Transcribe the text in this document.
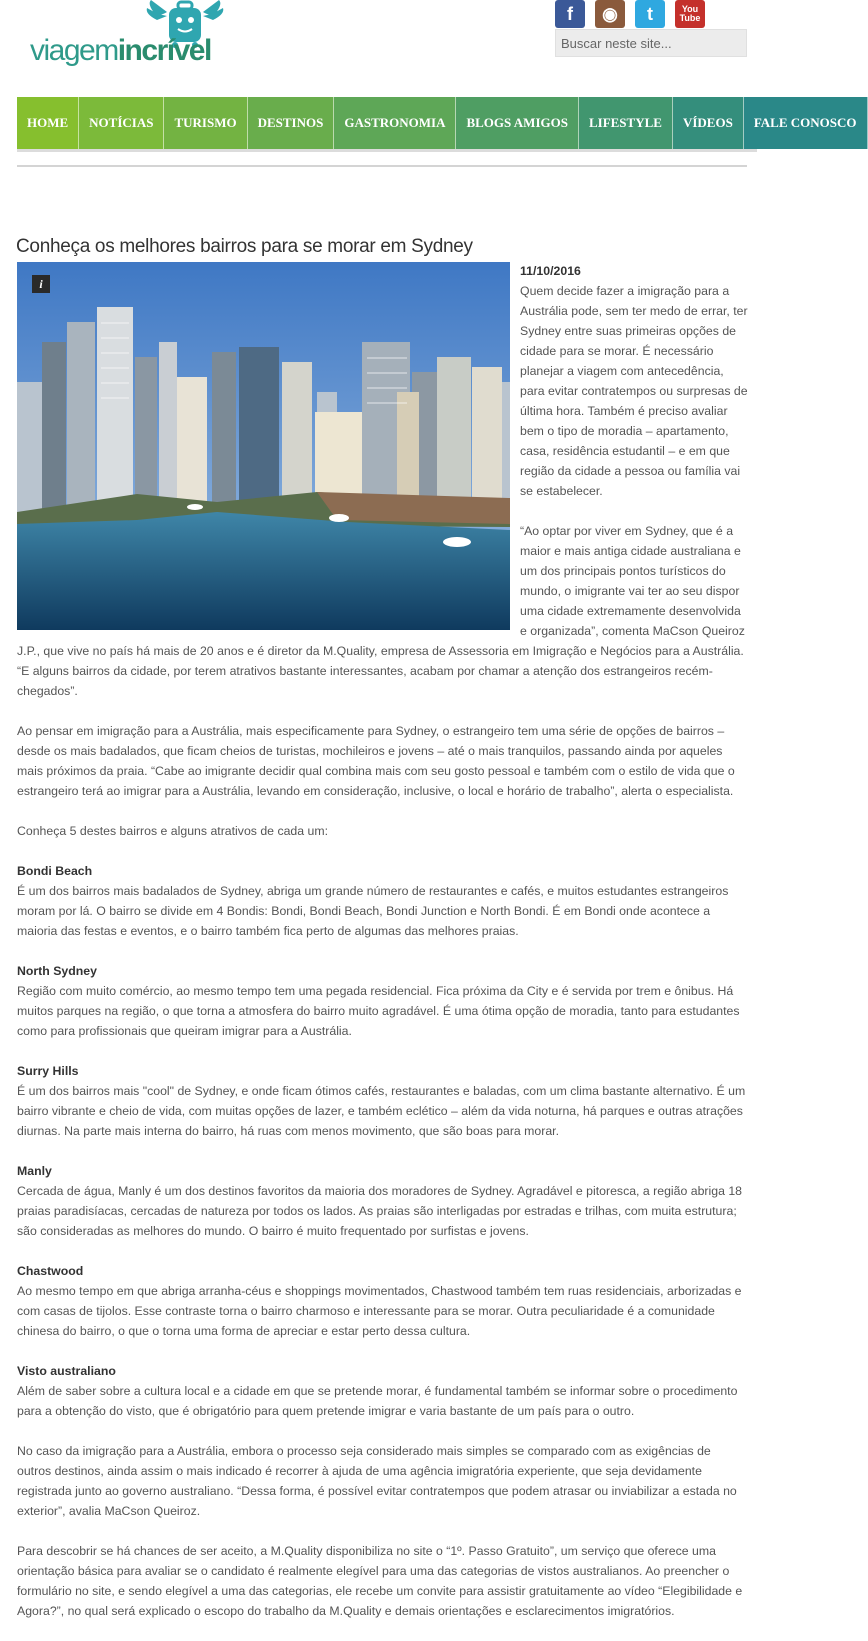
viagemincrível
f	◉	t	You
Tube
Buscar neste site...
HOME	NOTÍCIAS	TURISMO	DESTINOS	GASTRONOMIA	BLOGS AMIGOS	LIFESTYLE	VÍDEOS	FALE CONOSCO
Conheça os melhores bairros para se morar em Sydney
i
11/10/2016

Quem decide fazer a imigração para a Austrália pode, sem ter medo de errar, ter Sydney entre suas primeiras opções de cidade para se morar. É necessário planejar a viagem com antecedência, para evitar contratempos ou surpresas de última hora. Também é preciso avaliar bem o tipo de moradia – apartamento, casa, residência estudantil – e em que região da cidade a pessoa ou família vai se estabelecer.

“Ao optar por viver em Sydney, que é a maior e mais antiga cidade australiana e um dos principais pontos turísticos do mundo, o imigrante vai ter ao seu dispor uma cidade extremamente desenvolvida e organizada”, comenta MaCson Queiroz J.P., que vive no país há mais de 20 anos e é diretor da M.Quality, empresa de Assessoria em Imigração e Negócios para a Austrália. “E alguns bairros da cidade, por terem atrativos bastante interessantes, acabam por chamar a atenção dos estrangeiros recém-chegados”.

Ao pensar em imigração para a Austrália, mais especificamente para Sydney, o estrangeiro tem uma série de opções de bairros – desde os mais badalados, que ficam cheios de turistas, mochileiros e jovens – até o mais tranquilos, passando ainda por aqueles mais próximos da praia. “Cabe ao imigrante decidir qual combina mais com seu gosto pessoal e também com o estilo de vida que o estrangeiro terá ao imigrar para a Austrália, levando em consideração, inclusive, o local e horário de trabalho”, alerta o especialista.

Conheça 5 destes bairros e alguns atrativos de cada um:

Bondi Beach

É um dos bairros mais badalados de Sydney, abriga um grande número de restaurantes e cafés, e muitos estudantes estrangeiros moram por lá. O bairro se divide em 4 Bondis: Bondi, Bondi Beach, Bondi Junction e North Bondi. É em Bondi onde acontece a maioria das festas e eventos, e o bairro também fica perto de algumas das melhores praias.

North Sydney

Região com muito comércio, ao mesmo tempo tem uma pegada residencial. Fica próxima da City e é servida por trem e ônibus. Há muitos parques na região, o que torna a atmosfera do bairro muito agradável. É uma ótima opção de moradia, tanto para estudantes como para profissionais que queiram imigrar para a Austrália.

Surry Hills

É um dos bairros mais "cool" de Sydney, e onde ficam ótimos cafés, restaurantes e baladas, com um clima bastante alternativo. É um bairro vibrante e cheio de vida, com muitas opções de lazer, e também eclético – além da vida noturna, há parques e outras atrações diurnas. Na parte mais interna do bairro, há ruas com menos movimento, que são boas para morar.

Manly

Cercada de água, Manly é um dos destinos favoritos da maioria dos moradores de Sydney. Agradável e pitoresca, a região abriga 18 praias paradisíacas, cercadas de natureza por todos os lados. As praias são interligadas por estradas e trilhas, com muita estrutura; são consideradas as melhores do mundo. O bairro é muito frequentado por surfistas e jovens.

Chastwood

Ao mesmo tempo em que abriga arranha-céus e shoppings movimentados, Chastwood também tem ruas residenciais, arborizadas e com casas de tijolos. Esse contraste torna o bairro charmoso e interessante para se morar. Outra peculiaridade é a comunidade chinesa do bairro, o que o torna uma forma de apreciar e estar perto dessa cultura.

Visto australiano

Além de saber sobre a cultura local e a cidade em que se pretende morar, é fundamental também se informar sobre o procedimento para a obtenção do visto, que é obrigatório para quem pretende imigrar e varia bastante de um país para o outro.

No caso da imigração para a Austrália, embora o processo seja considerado mais simples se comparado com as exigências de outros destinos, ainda assim o mais indicado é recorrer à ajuda de uma agência imigratória experiente, que seja devidamente registrada junto ao governo australiano. “Dessa forma, é possível evitar contratempos que podem atrasar ou inviabilizar a estada no exterior”, avalia MaCson Queiroz.

Para descobrir se há chances de ser aceito, a M.Quality disponibiliza no site o “1º. Passo Gratuito”, um serviço que oferece uma orientação básica para avaliar se o candidato é realmente elegível para uma das categorias de vistos australianos. Ao preencher o formulário no site, e sendo elegível a uma das categorias, ele recebe um convite para assistir gratuitamente ao vídeo “Elegibilidade e Agora?”, no qual será explicado o escopo do trabalho da M.Quality e demais orientações e esclarecimentos imigratórios.
